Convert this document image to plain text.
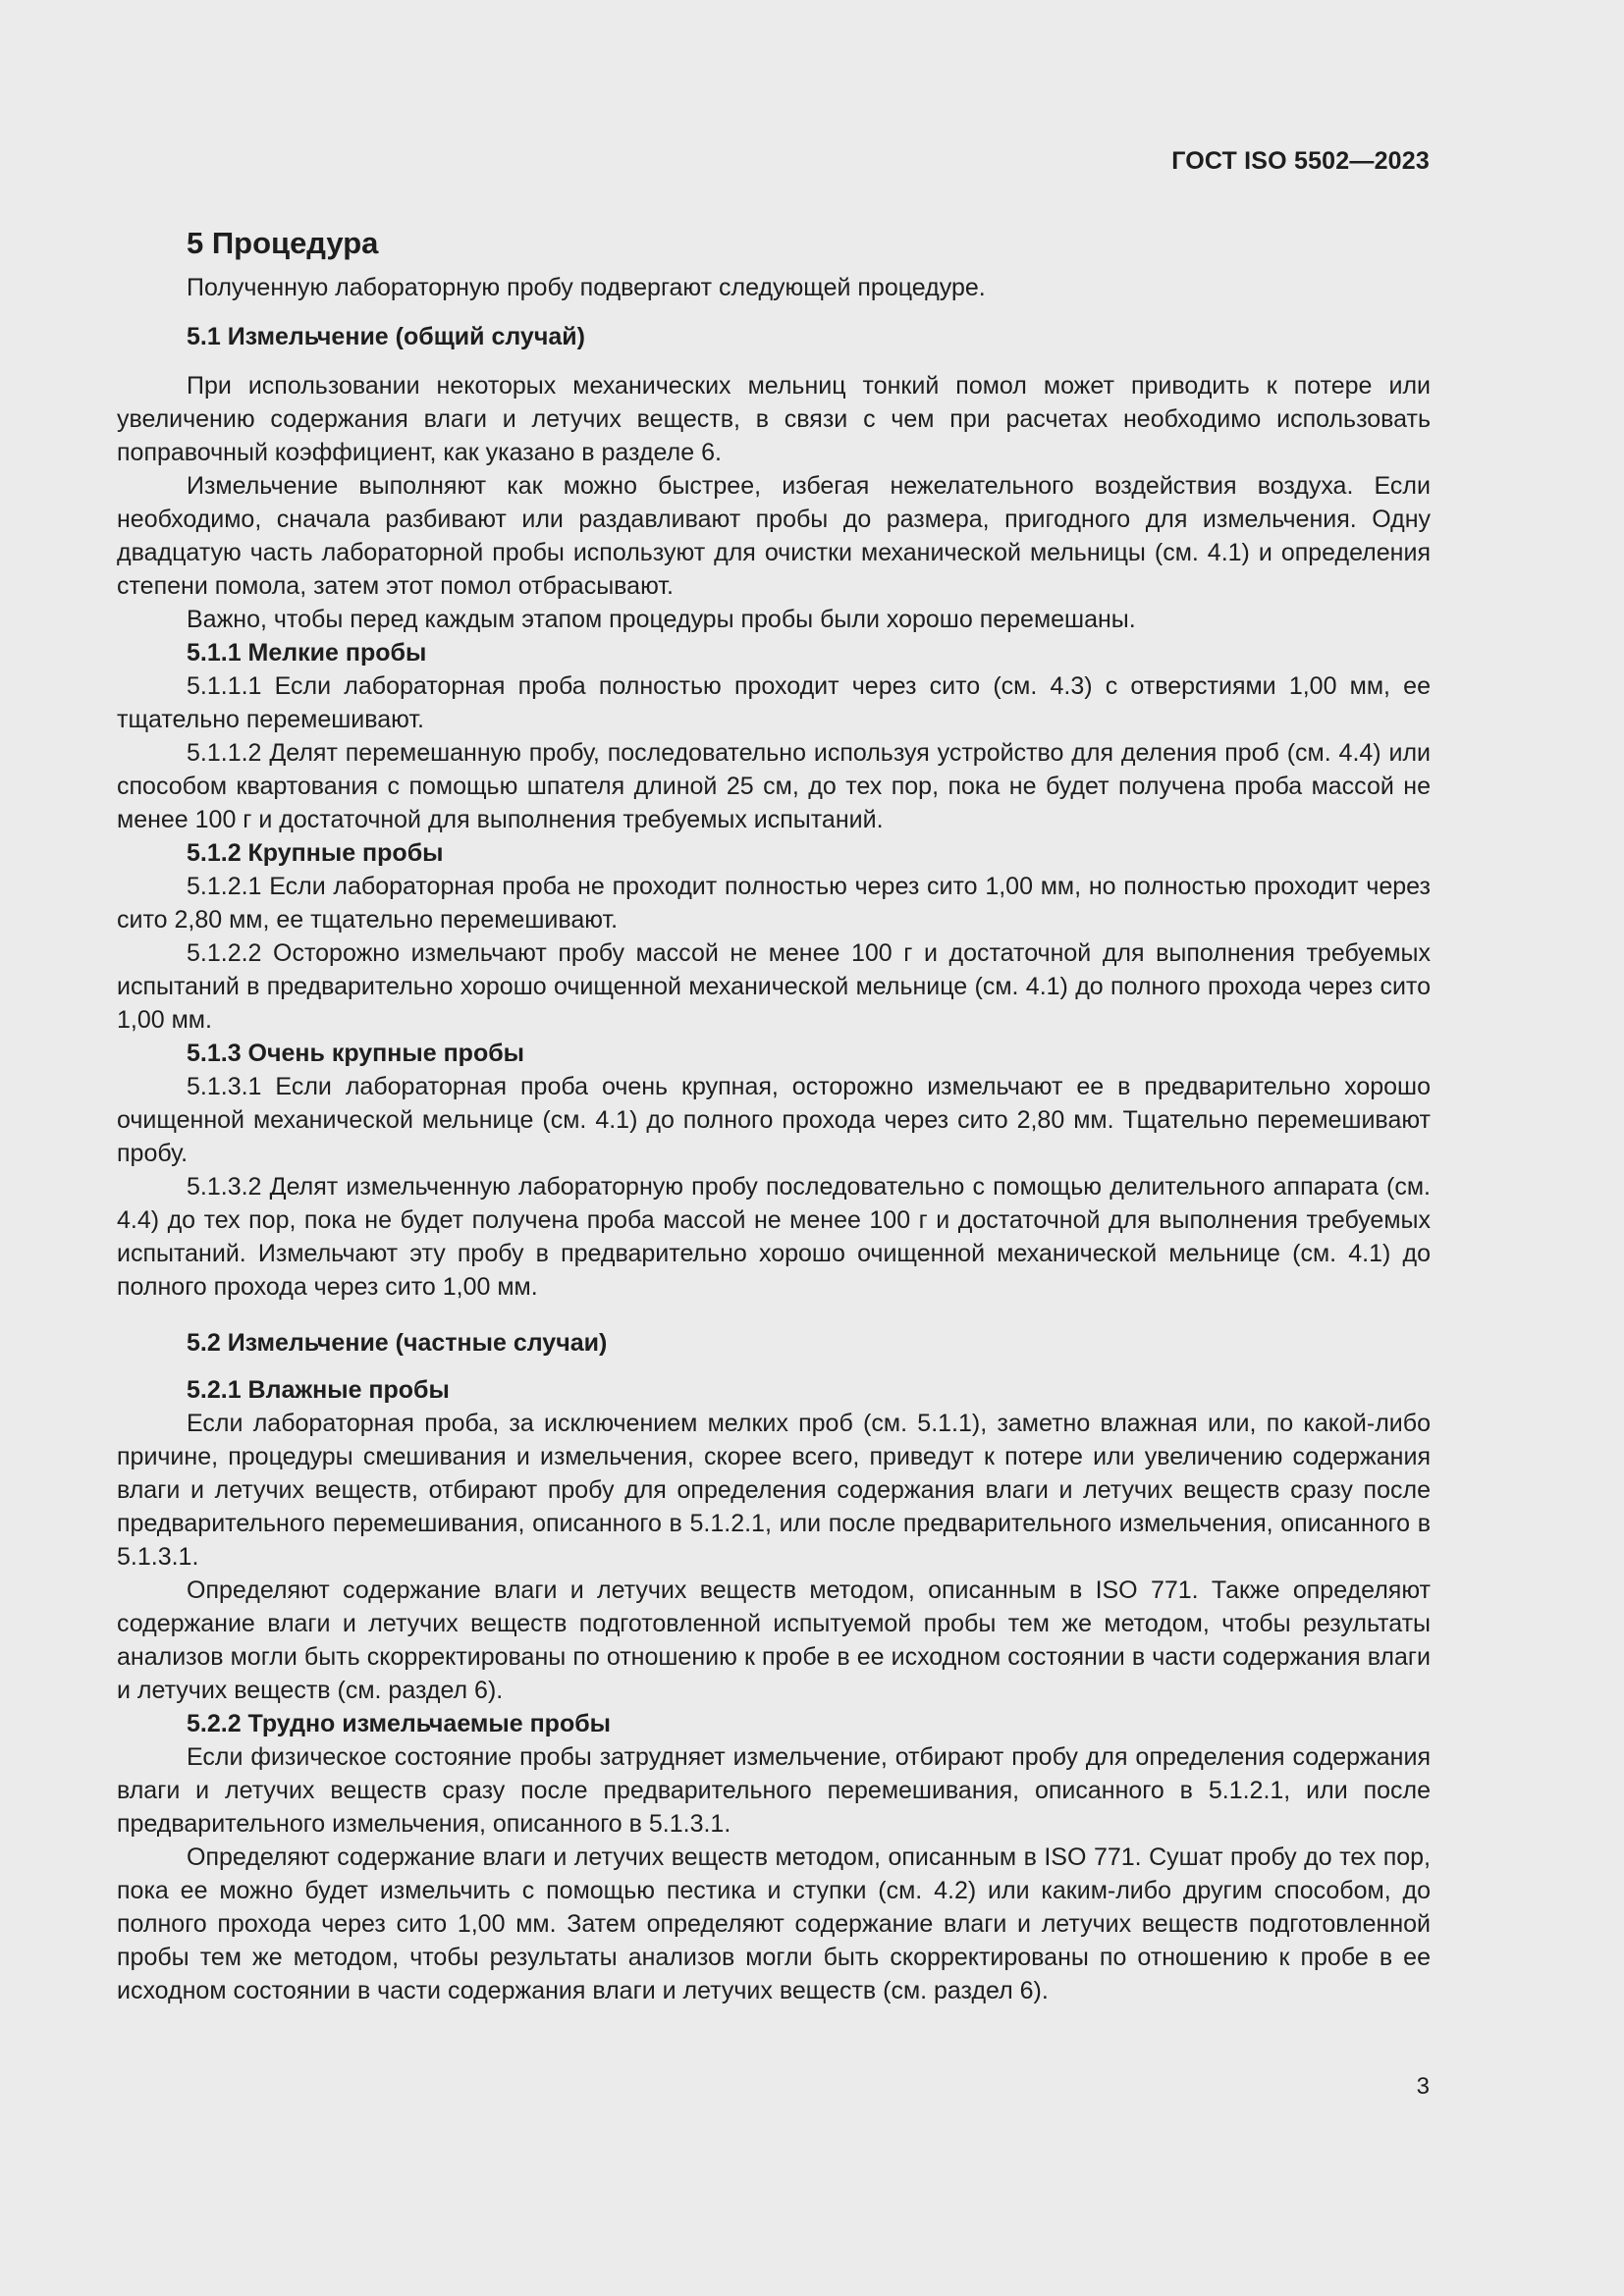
ГОСТ ISO 5502—2023
5 Процедура

Полученную лабораторную пробу подвергают следующей процедуре.

5.1 Измельчение (общий случай)

При использовании некоторых механических мельниц тонкий помол может приводить к потере или увеличению содержания влаги и летучих веществ, в связи с чем при расчетах необходимо использовать поправочный коэффициент, как указано в разделе 6.

Измельчение выполняют как можно быстрее, избегая нежелательного воздействия воздуха. Если необходимо, сначала разбивают или раздавливают пробы до размера, пригодного для измельчения. Одну двадцатую часть лабораторной пробы используют для очистки механической мельницы (см. 4.1) и определения степени помола, затем этот помол отбрасывают.

Важно, чтобы перед каждым этапом процедуры пробы были хорошо перемешаны.

5.1.1 Мелкие пробы

5.1.1.1 Если лабораторная проба полностью проходит через сито (см. 4.3) с отверстиями 1,00 мм, ее тщательно перемешивают.

5.1.1.2 Делят перемешанную пробу, последовательно используя устройство для деления проб (см. 4.4) или способом квартования с помощью шпателя длиной 25 см, до тех пор, пока не будет получена проба массой не менее 100 г и достаточной для выполнения требуемых испытаний.

5.1.2 Крупные пробы

5.1.2.1 Если лабораторная проба не проходит полностью через сито 1,00 мм, но полностью проходит через сито 2,80 мм, ее тщательно перемешивают.

5.1.2.2 Осторожно измельчают пробу массой не менее 100 г и достаточной для выполнения требуемых испытаний в предварительно хорошо очищенной механической мельнице (см. 4.1) до полного прохода через сито 1,00 мм.

5.1.3 Очень крупные пробы

5.1.3.1 Если лабораторная проба очень крупная, осторожно измельчают ее в предварительно хорошо очищенной механической мельнице (см. 4.1) до полного прохода через сито 2,80 мм. Тщательно перемешивают пробу.

5.1.3.2 Делят измельченную лабораторную пробу последовательно с помощью делительного аппарата (см. 4.4) до тех пор, пока не будет получена проба массой не менее 100 г и достаточной для выполнения требуемых испытаний. Измельчают эту пробу в предварительно хорошо очищенной механической мельнице (см. 4.1) до полного прохода через сито 1,00 мм.

5.2 Измельчение (частные случаи)
5.2.1 Влажные пробы

Если лабораторная проба, за исключением мелких проб (см. 5.1.1), заметно влажная или, по какой-либо причине, процедуры смешивания и измельчения, скорее всего, приведут к потере или увеличению содержания влаги и летучих веществ, отбирают пробу для определения содержания влаги и летучих веществ сразу после предварительного перемешивания, описанного в 5.1.2.1, или после предварительного измельчения, описанного в 5.1.3.1.

Определяют содержание влаги и летучих веществ методом, описанным в ISO 771. Также определяют содержание влаги и летучих веществ подготовленной испытуемой пробы тем же методом, чтобы результаты анализов могли быть скорректированы по отношению к пробе в ее исходном состоянии в части содержания влаги и летучих веществ (см. раздел 6).

5.2.2 Трудно измельчаемые пробы

Если физическое состояние пробы затрудняет измельчение, отбирают пробу для определения содержания влаги и летучих веществ сразу после предварительного перемешивания, описанного в 5.1.2.1, или после предварительного измельчения, описанного в 5.1.3.1.

Определяют содержание влаги и летучих веществ методом, описанным в ISO 771. Сушат пробу до тех пор, пока ее можно будет измельчить с помощью пестика и ступки (см. 4.2) или каким-либо другим способом, до полного прохода через сито 1,00 мм. Затем определяют содержание влаги и летучих веществ подготовленной пробы тем же методом, чтобы результаты анализов могли быть скорректированы по отношению к пробе в ее исходном состоянии в части содержания влаги и летучих веществ (см. раздел 6).

3
